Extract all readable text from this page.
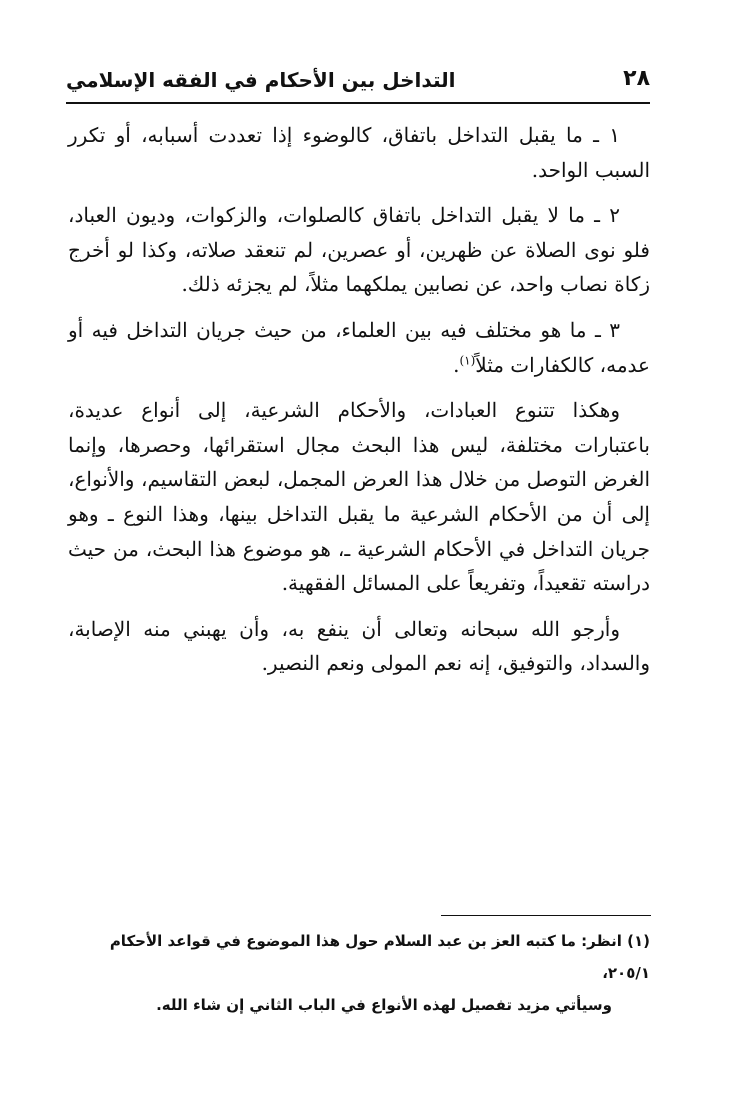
٢٨
التداخل بين الأحكام في الفقه الإسلامي

١ ـ ما يقبل التداخل باتفاق، كالوضوء إذا تعددت أسبابه، أو تكرر السبب الواحد.

٢ ـ ما لا يقبل التداخل باتفاق كالصلوات، والزكوات، وديون العباد، فلو نوى الصلاة عن ظهرين، أو عصرين، لم تنعقد صلاته، وكذا لو أخرج زكاة نصاب واحد، عن نصابين يملكهما مثلاً، لم يجزئه ذلك.

٣ ـ ما هو مختلف فيه بين العلماء، من حيث جريان التداخل فيه أو عدمه، كالكفارات مثلاً$^{(١)}$.

وهكذا تتنوع العبادات، والأحكام الشرعية، إلى أنواع عديدة، باعتبارات مختلفة، ليس هذا البحث مجال استقرائها، وحصرها، وإنما الغرض التوصل من خلال هذا العرض المجمل، لبعض التقاسيم، والأنواع، إلى أن من الأحكام الشرعية ما يقبل التداخل بينها، وهذا النوع ـ وهو جريان التداخل في الأحكام الشرعية ـ، هو موضوع هذا البحث، من حيث دراسته تقعيداً، وتفريعاً على المسائل الفقهية.

وأرجو الله سبحانه وتعالى أن ينفع به، وأن يهبني منه الإصابة، والسداد، والتوفيق، إنه نعم المولى ونعم النصير.

(١) انظر: ما كتبه العز بن عبد السلام حول هذا الموضوع في قواعد الأحكام ٢٠٥/١،

وسيأتي مزيد تفصيل لهذه الأنواع في الباب الثاني إن شاء الله.
